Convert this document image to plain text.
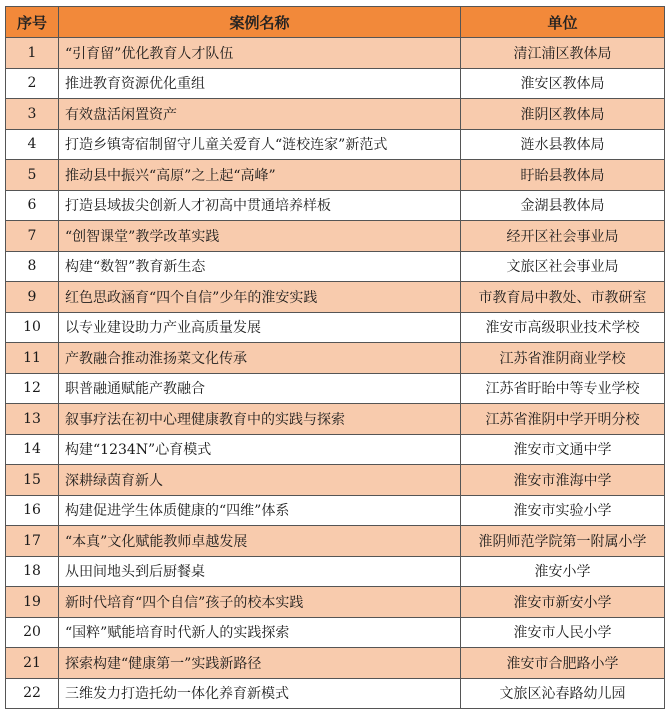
序号	案例名称	单位
1	“引育留”优化教育人才队伍	清江浦区教体局
2	推进教育资源优化重组	淮安区教体局
3	有效盘活闲置资产	淮阴区教体局
4	打造乡镇寄宿制留守儿童关爱育人“涟校连家”新范式	涟水县教体局
5	推动县中振兴“高原”之上起“高峰”	盱眙县教体局
6	打造县域拔尖创新人才初高中贯通培养样板	金湖县教体局
7	“创智课堂”教学改革实践	经开区社会事业局
8	构建“数智”教育新生态	文旅区社会事业局
9	红色思政涵育“四个自信”少年的淮安实践	市教育局中教处、市教研室
10	以专业建设助力产业高质量发展	淮安市高级职业技术学校
11	产教融合推动淮扬菜文化传承	江苏省淮阴商业学校
12	职普融通赋能产教融合	江苏省盱眙中等专业学校
13	叙事疗法在初中心理健康教育中的实践与探索	江苏省淮阴中学开明分校
14	构建“1234N”心育模式	淮安市文通中学
15	深耕绿茵育新人	淮安市淮海中学
16	构建促进学生体质健康的“四维”体系	淮安市实验小学
17	“本真”文化赋能教师卓越发展	淮阴师范学院第一附属小学
18	从田间地头到后厨餐桌	淮安小学
19	新时代培育“四个自信”孩子的校本实践	淮安市新安小学
20	“国粹”赋能培育时代新人的实践探索	淮安市人民小学
21	探索构建“健康第一”实践新路径	淮安市合肥路小学
22	三维发力打造托幼一体化养育新模式	文旅区沁春路幼儿园
